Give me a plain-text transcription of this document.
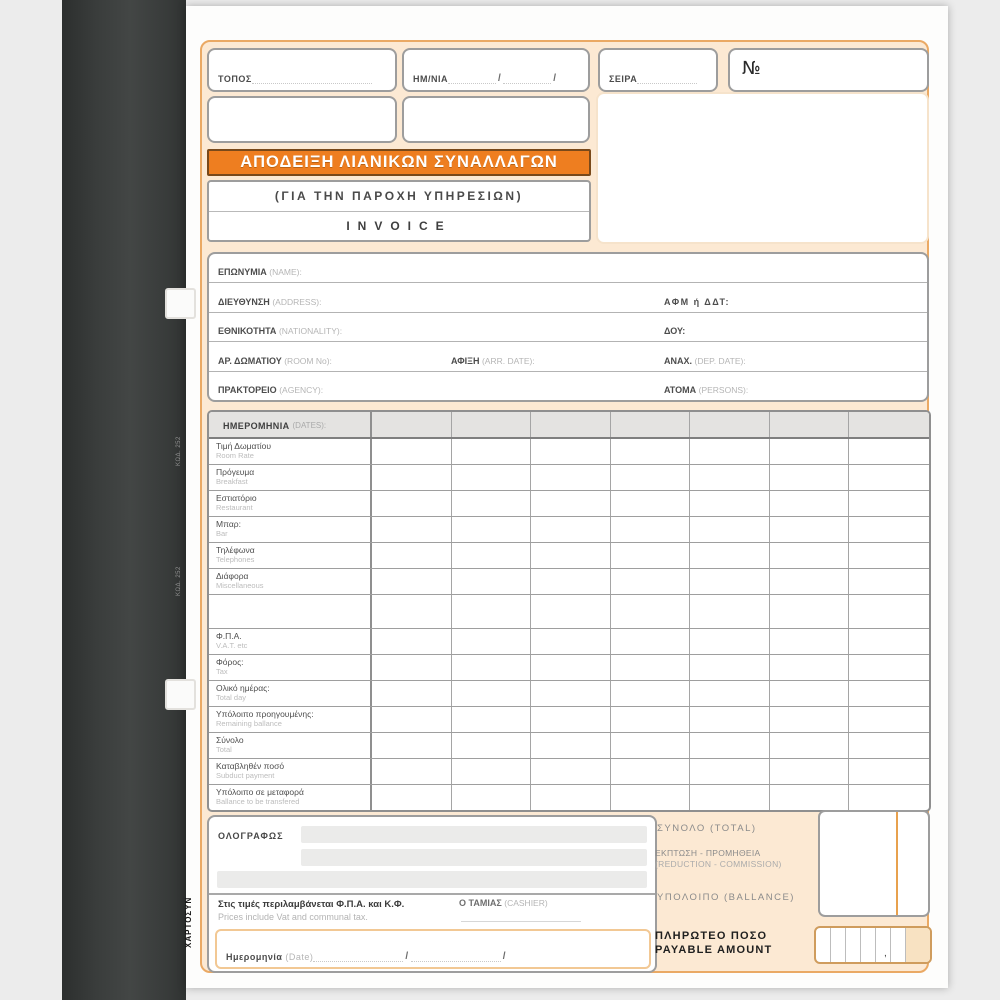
ΚΩΔ. 252
ΚΩΔ. 252
ΧΑΡΤΟΣΥΝ
ΤΟΠΟΣ	ΗΜ/ΝΙΑ	/	/	ΣΕΙΡΑ	№
ΑΠΟΔΕΙΞΗ ΛΙΑΝΙΚΩΝ ΣΥΝΑΛΛΑΓΩΝ
(ΓΙΑ ΤΗΝ ΠΑΡΟΧΗ ΥΠΗΡΕΣΙΩΝ)
INVOICE
ΕΠΩΝΥΜΙΑ (NAME):
ΔΙΕΥΘΥΝΣΗ (ADDRESS):	ΑΦΜ ή ΔΔΤ:
ΕΘΝΙΚΟΤΗΤΑ (NATIONALITY):	ΔΟΥ:
ΑΡ. ΔΩΜΑΤΙΟΥ (ROOM No):	ΑΦΙΞΗ (ARR. DATE):	ΑΝΑΧ. (DEP. DATE):
ΠΡΑΚΤΟΡΕΙΟ (AGENCY):	ΑΤΟΜΑ (PERSONS):
ΗΜΕΡΟΜΗΝΙΑ (DATES):
Τιμή Δωματίου
Room Rate
Πρόγευμα
Breakfast
Εστιατόριο
Restaurant
Μπαρ:
Bar
Τηλέφωνα
Telephones
Διάφορα
Miscellaneous
Φ.Π.Α.
V.A.T. etc
Φόρος:
Tax
Ολικό ημέρας:
Total day
Υπόλοιπο προηγουμένης:
Remaining ballance
Σύνολο
Total
Καταβληθέν ποσό
Subduct payment
Υπόλοιπο σε μεταφορά
Ballance to be transfered
ΟΛΟΓΡΑΦΩΣ
Στις τιμές περιλαμβάνεται Φ.Π.Α. και Κ.Φ.
Prices include Vat and communal tax.
Ο ΤΑΜΙΑΣ (CASHIER)
Ημερομηνία
(Date)	/	/
ΣΥΝΟΛΟ (ΤΟΤΑL)
ΕΚΠΤΩΣΗ - ΠΡΟΜΗΘΕΙΑ
(REDUCTION - COMMISSION)
ΥΠΟΛΟΙΠΟ (BALLANCE)
ΠΛΗΡΩΤΕΟ ΠΟΣΟ
PAYABLE AMOUNT	,
